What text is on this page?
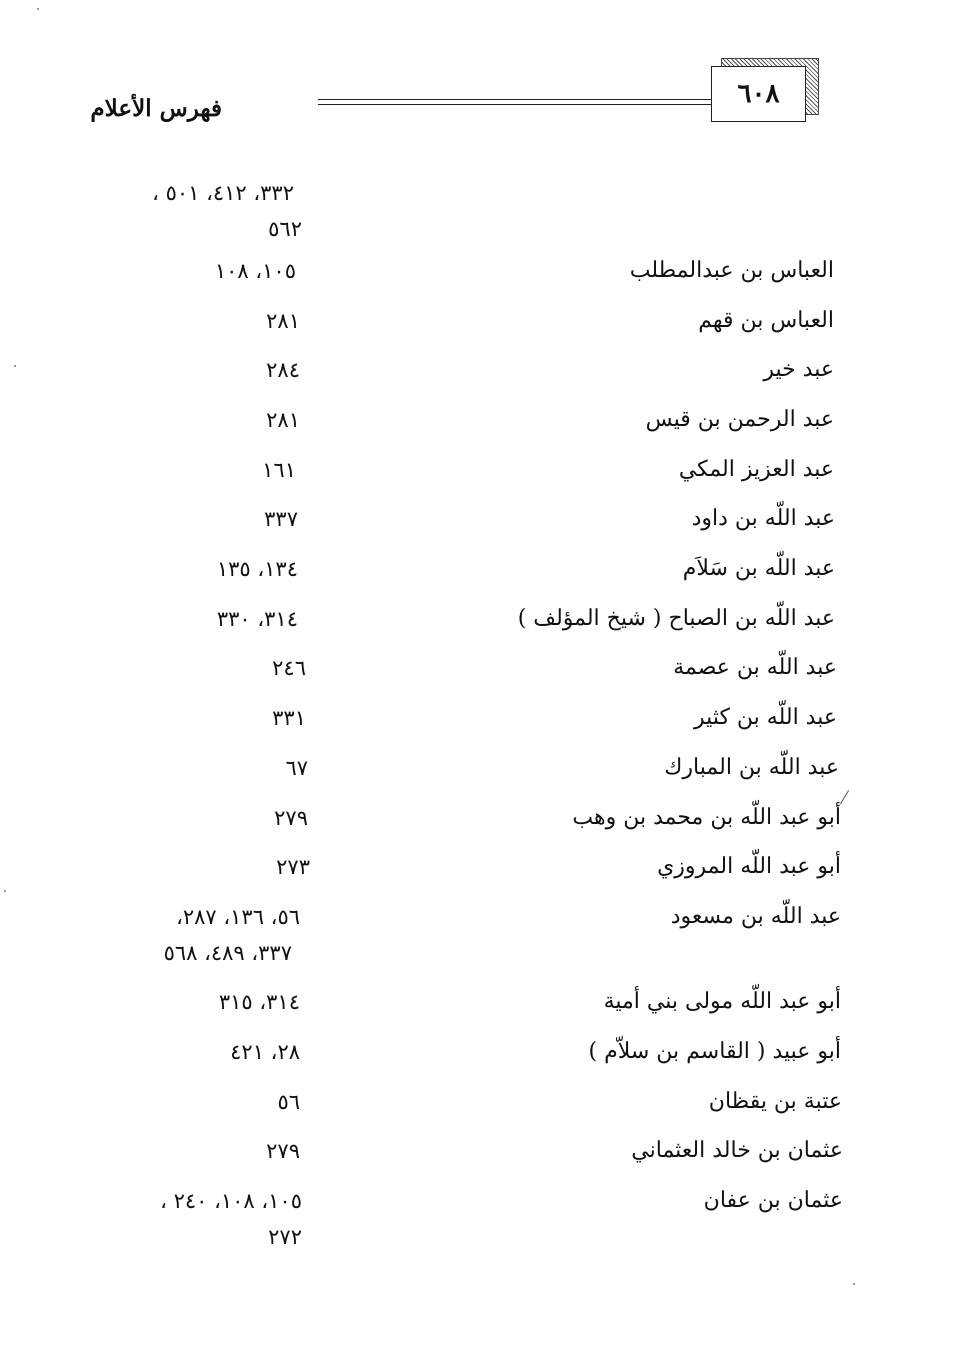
٦٠٨
فهرس الأعلام
٣٣٢، ٤١٢، ٥٠١ ،
٥٦٢
العباس بن عبدالمطلب
١٠٥، ١٠٨
العباس بن قهم
٢٨١
عبد خير
٢٨٤
عبد الرحمن بن قيس
٢٨١
عبد العزيز المكي
١٦١
عبد اللّه بن داود
٣٣٧
عبد اللّه بن سَلاَم
١٣٤، ١٣٥
عبد اللّه بن الصباح ( شيخ المؤلف )
٣١٤، ٣٣٠
عبد اللّه بن عصمة
٢٤٦
عبد اللّه بن كثير
٣٣١
عبد اللّه بن المبارك
٦٧
أبو عبد اللّه بن محمد بن وهب
٢٧٩
أبو عبد اللّه المروزي
٢٧٣
عبد اللّه بن مسعود
٥٦، ١٣٦، ٢٨٧،
٣٣٧، ٤٨٩، ٥٦٨
أبو عبد اللّه مولى بني أمية
٣١٤، ٣١٥
أبو عبيد ( القاسم بن سلاّم )
٢٨، ٤٢١
عتبة بن يقظان
٥٦
عثمان بن خالد العثماني
٢٧٩
عثمان بن عفان
١٠٥، ١٠٨، ٢٤٠ ،
٢٧٢
⁄
